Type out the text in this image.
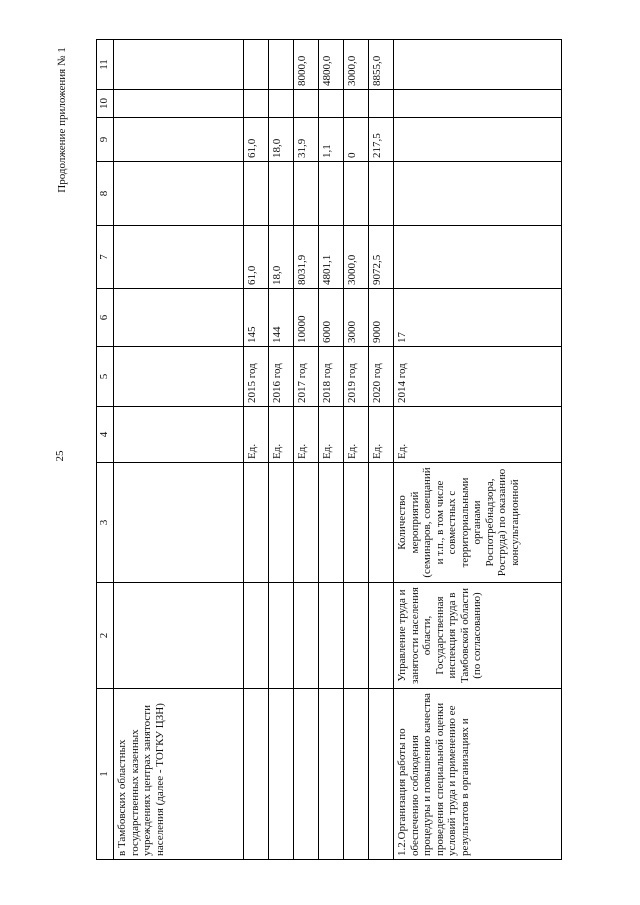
25
Продолжение приложения № 1
1	2	3	4	5	6	7	8	9	10	11
в Тамбовских областных государственных казенных учреждениях центрах занятости населения (далее - ТОГКУ ЦЗН)										
			Ед.	2015 год	145	61,0		61,0		
			Ед.	2016 год	144	18,0		18,0		
			Ед.	2017 год	10000	8031,9		31,9		8000,0
			Ед.	2018 год	6000	4801,1		1,1		4800,0
			Ед.	2019 год	3000	3000,0		0		3000,0
			Ед.	2020 год	9000	9072,5		217,5		8855,0
1.2.Организация работы по обеспечению соблюдения процедуры и повышению качества проведения специальной оценки условий труда и применению ее результатов в организациях и	Управление труда и занятости населения области, Государственная инспекция труда в Тамбовской области (по согласованию)	Количество мероприятий (семинаров, совещаний и т.п., в том числе совместных с территориальными органами Роспотребнадзора, Роструда) по оказанию консультационной	Ед.	2014 год	17					
